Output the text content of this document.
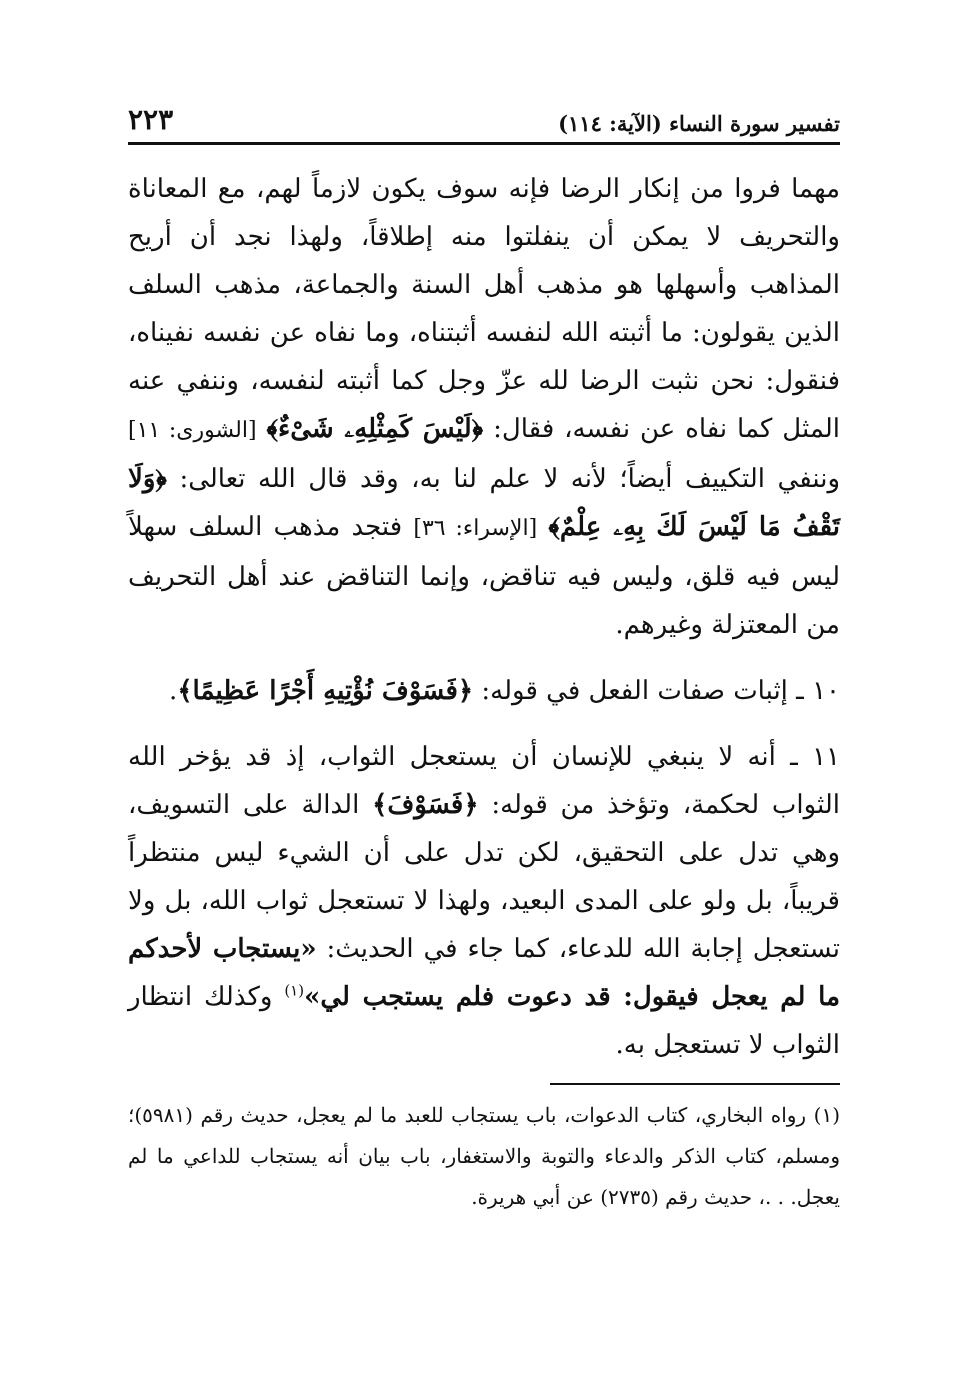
تفسير سورة النساء (الآية: ١١٤)
٢٢٣

مهما فروا من إنكار الرضا فإنه سوف يكون لازماً لهم، مع المعاناة والتحريف لا يمكن أن ينفلتوا منه إطلاقاً، ولهذا نجد أن أريح المذاهب وأسهلها هو مذهب أهل السنة والجماعة، مذهب السلف الذين يقولون: ما أثبته الله لنفسه أثبتناه، وما نفاه عن نفسه نفيناه، فنقول: نحن نثبت الرضا لله عزّ وجل كما أثبته لنفسه، وننفي عنه المثل كما نفاه عن نفسه، فقال: ﴿لَيْسَ كَمِثْلِهِۦ شَىْءٌ﴾ [الشورى: ١١] وننفي التكييف أيضاً؛ لأنه لا علم لنا به، وقد قال الله تعالى: ﴿وَلَا تَقْفُ مَا لَيْسَ لَكَ بِهِۦ عِلْمٌ﴾ [الإسراء: ٣٦] فتجد مذهب السلف سهلاً ليس فيه قلق، وليس فيه تناقض، وإنما التناقض عند أهل التحريف من المعتزلة وغيرهم.

١٠ ـ إثبات صفات الفعل في قوله: ﴿فَسَوْفَ نُؤْتِيهِ أَجْرًا عَظِيمًا﴾.

١١ ـ أنه لا ينبغي للإنسان أن يستعجل الثواب، إذ قد يؤخر الله الثواب لحكمة، وتؤخذ من قوله: ﴿فَسَوْفَ﴾ الدالة على التسويف، وهي تدل على التحقيق، لكن تدل على أن الشيء ليس منتظراً قريباً، بل ولو على المدى البعيد، ولهذا لا تستعجل ثواب الله، بل ولا تستعجل إجابة الله للدعاء، كما جاء في الحديث: «يستجاب لأحدكم ما لم يعجل فيقول: قد دعوت فلم يستجب لي»$^{(١)}$ وكذلك انتظار الثواب لا تستعجل به.

(١) رواه البخاري، كتاب الدعوات، باب يستجاب للعبد ما لم يعجل، حديث رقم (٥٩٨١)؛ ومسلم، كتاب الذكر والدعاء والتوبة والاستغفار، باب بيان أنه يستجاب للداعي ما لم يعجل. . .، حديث رقم (٢٧٣٥) عن أبي هريرة.
